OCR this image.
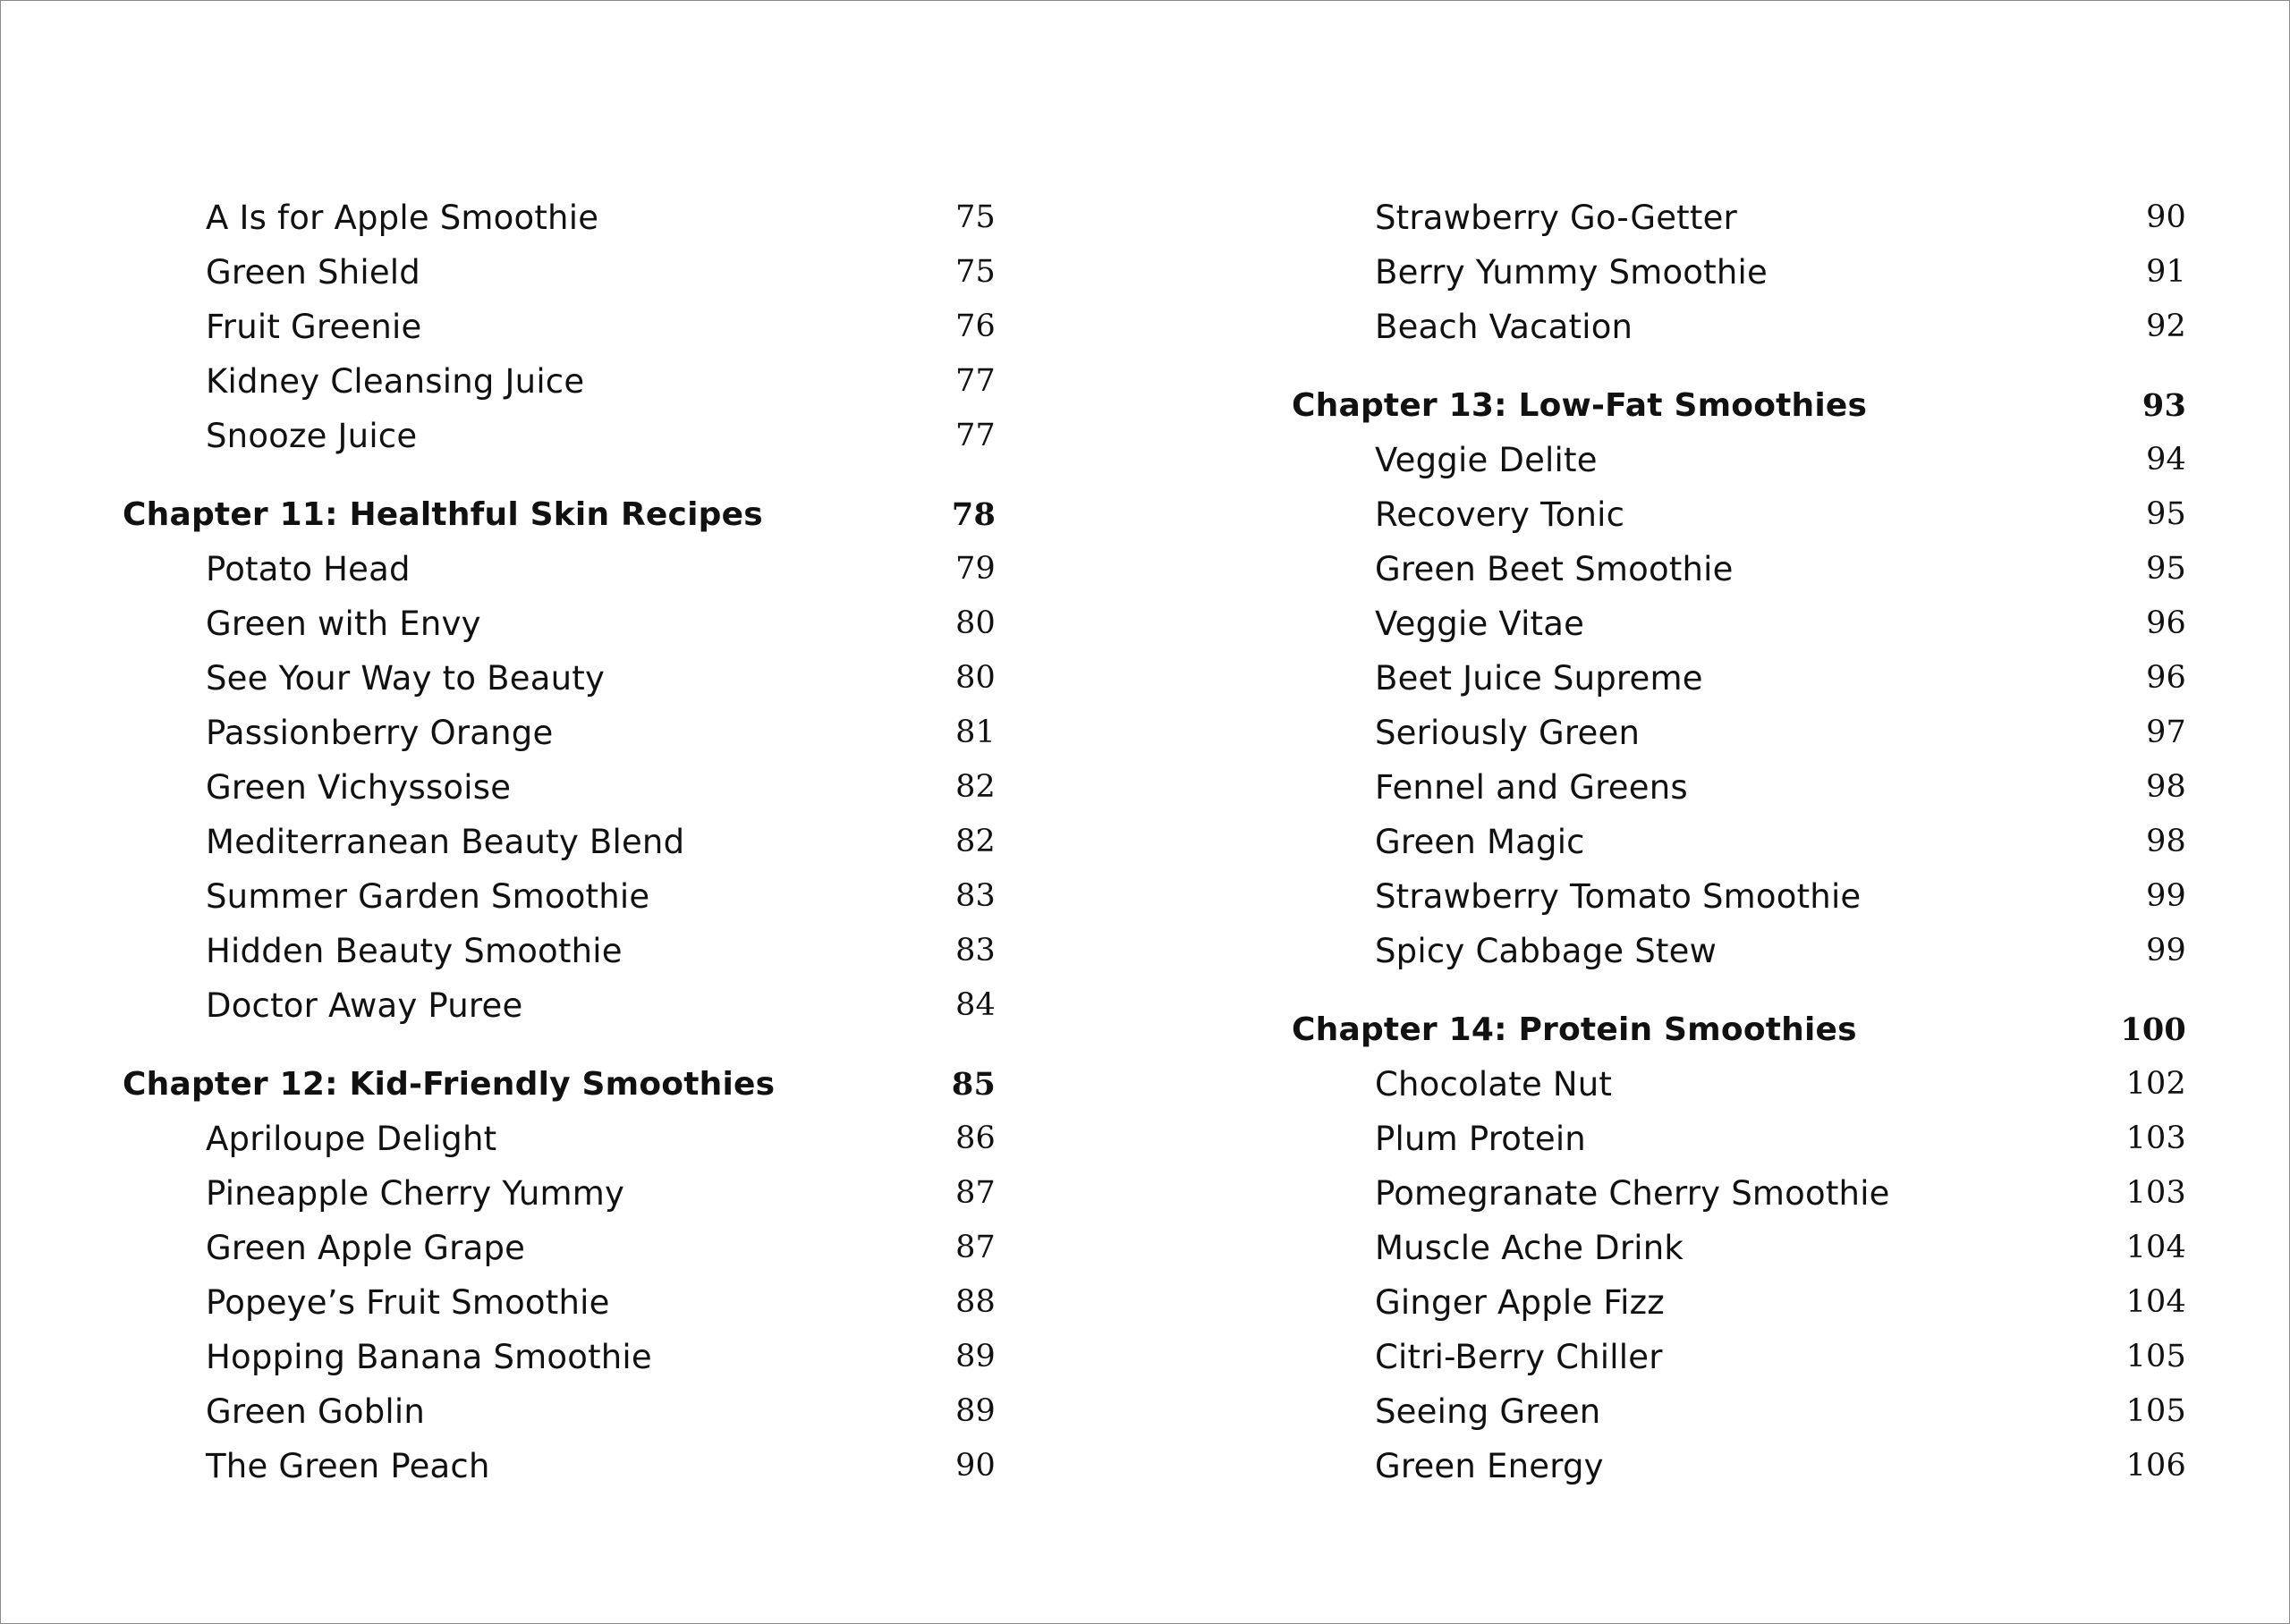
A Is for Apple Smoothie	75
Green Shield	75
Fruit Greenie	76
Kidney Cleansing Juice	77
Snooze Juice	77
Chapter 11: Healthful Skin Recipes	78
Potato Head	79
Green with Envy	80
See Your Way to Beauty	80
Passionberry Orange	81
Green Vichyssoise	82
Mediterranean Beauty Blend	82
Summer Garden Smoothie	83
Hidden Beauty Smoothie	83
Doctor Away Puree	84
Chapter 12: Kid-Friendly Smoothies	85
Apriloupe Delight	86
Pineapple Cherry Yummy	87
Green Apple Grape	87
Popeye’s Fruit Smoothie	88
Hopping Banana Smoothie	89
Green Goblin	89
The Green Peach	90
Strawberry Go-Getter	90
Berry Yummy Smoothie	91
Beach Vacation	92
Chapter 13: Low-Fat Smoothies	93
Veggie Delite	94
Recovery Tonic	95
Green Beet Smoothie	95
Veggie Vitae	96
Beet Juice Supreme	96
Seriously Green	97
Fennel and Greens	98
Green Magic	98
Strawberry Tomato Smoothie	99
Spicy Cabbage Stew	99
Chapter 14: Protein Smoothies	100
Chocolate Nut	102
Plum Protein	103
Pomegranate Cherry Smoothie	103
Muscle Ache Drink	104
Ginger Apple Fizz	104
Citri-Berry Chiller	105
Seeing Green	105
Green Energy	106
